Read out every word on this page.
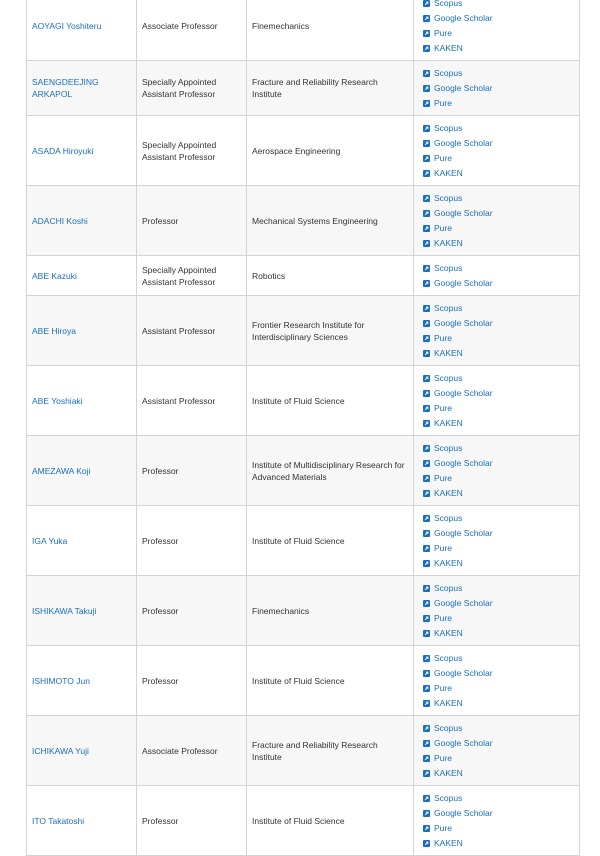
AOYAGI Yoshiteru	Associate Professor	Finemechanics	Scopus
Google Scholar
Pure
KAKEN

SAENGDEEJING ARKAPOL	Specially Appointed Assistant Professor	Fracture and Reliability Research Institute	Scopus
Google Scholar
Pure

ASADA Hiroyuki	Specially Appointed Assistant Professor	Aerospace Engineering	Scopus
Google Scholar
Pure
KAKEN

ADACHI Koshi	Professor	Mechanical Systems Engineering	Scopus
Google Scholar
Pure
KAKEN

ABE Kazuki	Specially Appointed Assistant Professor	Robotics	Scopus
Google Scholar

ABE Hiroya	Assistant Professor	Frontier Research Institute for Interdisciplinary Sciences	Scopus
Google Scholar
Pure
KAKEN

ABE Yoshiaki	Assistant Professor	Institute of Fluid Science	Scopus
Google Scholar
Pure
KAKEN

AMEZAWA Koji	Professor	Institute of Multidisciplinary Research for Advanced Materials	Scopus
Google Scholar
Pure
KAKEN

IGA Yuka	Professor	Institute of Fluid Science	Scopus
Google Scholar
Pure
KAKEN

ISHIKAWA Takuji	Professor	Finemechanics	Scopus
Google Scholar
Pure
KAKEN

ISHIMOTO Jun	Professor	Institute of Fluid Science	Scopus
Google Scholar
Pure
KAKEN

ICHIKAWA Yuji	Associate Professor	Fracture and Reliability Research Institute	Scopus
Google Scholar
Pure
KAKEN

ITO Takatoshi	Professor	Institute of Fluid Science	Scopus
Google Scholar
Pure
KAKEN
